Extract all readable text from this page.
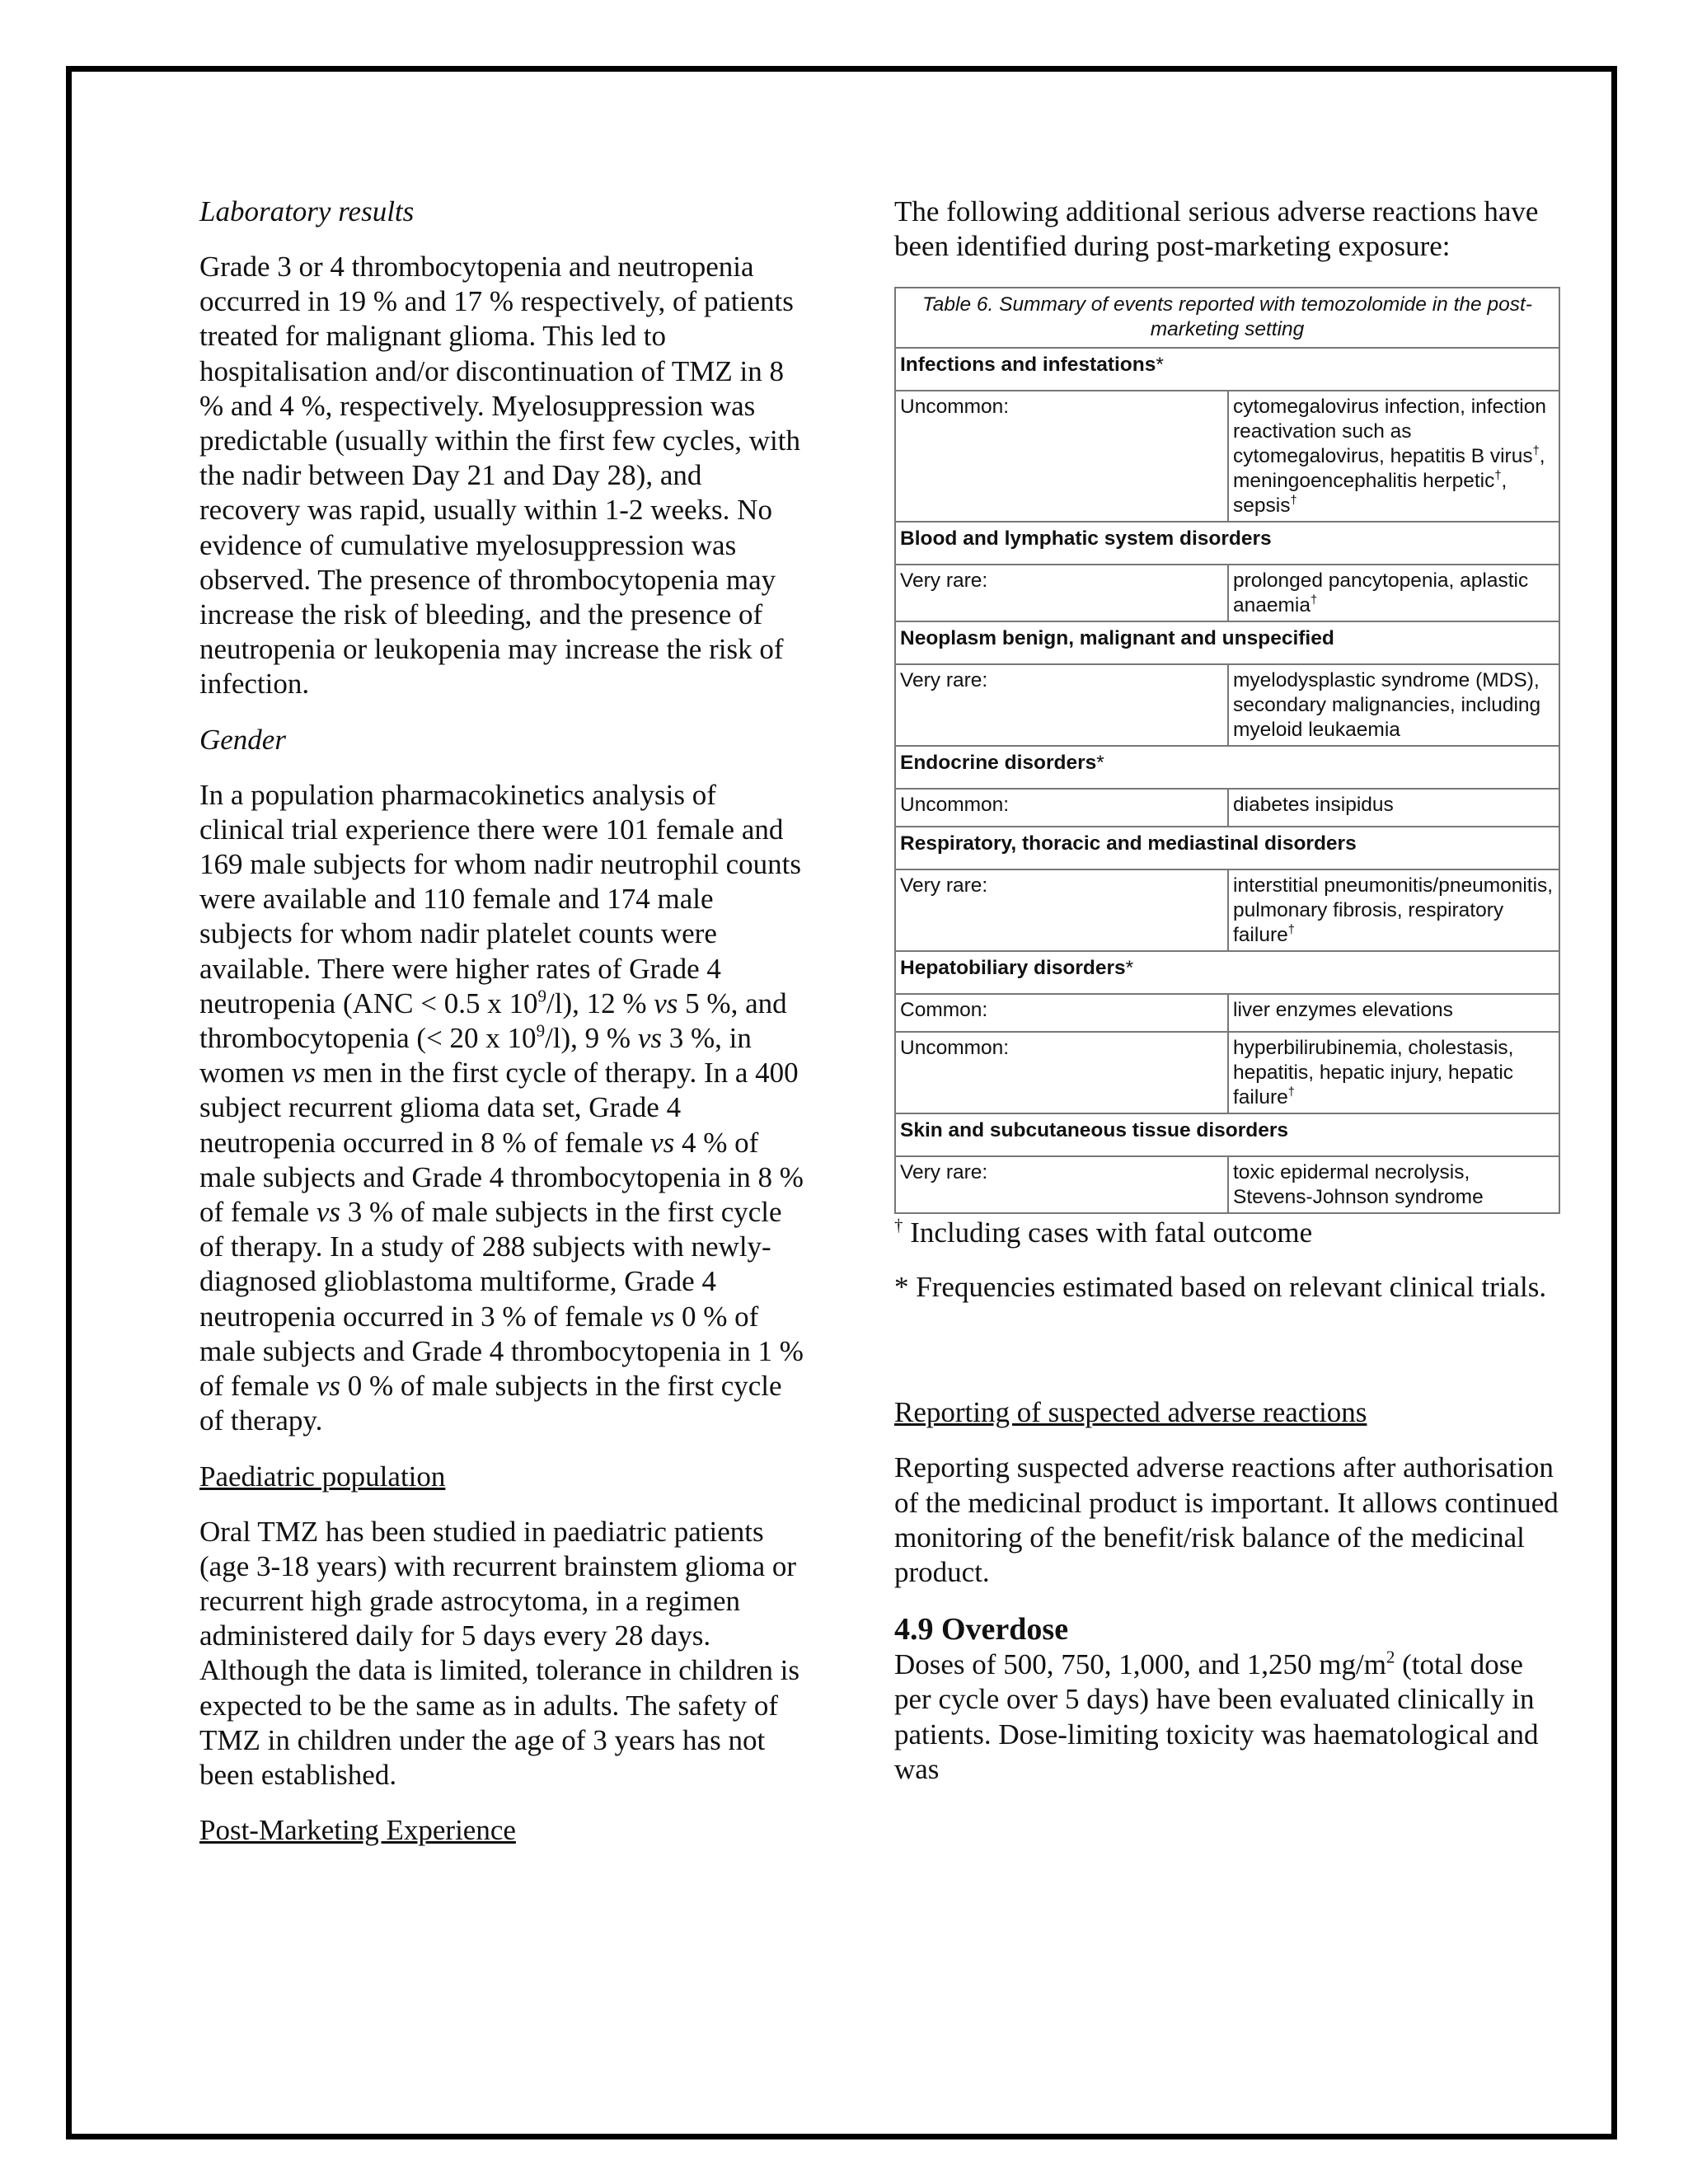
Laboratory results

Grade 3 or 4 thrombocytopenia and neutropenia occurred in 19 % and 17 % respectively, of patients treated for malignant glioma. This led to hospitalisation and/or discontinuation of TMZ in 8 % and 4 %, respectively. Myelosuppression was predictable (usually within the first few cycles, with the nadir between Day 21 and Day 28), and recovery was rapid, usually within 1-2 weeks. No evidence of cumulative myelosuppression was observed. The presence of thrombocytopenia may increase the risk of bleeding, and the presence of neutropenia or leukopenia may increase the risk of infection.

Gender

In a population pharmacokinetics analysis of clinical trial experience there were 101 female and 169 male subjects for whom nadir neutrophil counts were available and 110 female and 174 male subjects for whom nadir platelet counts were available. There were higher rates of Grade 4 neutropenia (ANC < 0.5 x $10^9/l$), 12 % vs 5 %, and thrombocytopenia (< 20 x $10^9/l$), 9 % vs 3 %, in women vs men in the first cycle of therapy. In a 400 subject recurrent glioma data set, Grade 4 neutropenia occurred in 8 % of female vs 4 % of male subjects and Grade 4 thrombocytopenia in 8 % of female vs 3 % of male subjects in the first cycle of therapy. In a study of 288 subjects with newly-diagnosed glioblastoma multiforme, Grade 4 neutropenia occurred in 3 % of female vs 0 % of male subjects and Grade 4 thrombocytopenia in 1 % of female vs 0 % of male subjects in the first cycle of therapy.

Paediatric population

Oral TMZ has been studied in paediatric patients (age 3-18 years) with recurrent brainstem glioma or recurrent high grade astrocytoma, in a regimen administered daily for 5 days every 28 days. Although the data is limited, tolerance in children is expected to be the same as in adults. The safety of TMZ in children under the age of 3 years has not been established.

Post-Marketing Experience

The following additional serious adverse reactions have been identified during post-marketing exposure:

Table 6. Summary of events reported with temozolomide in the post-marketing setting	
Infections and infestations*	
Uncommon:	cytomegalovirus infection, infection reactivation such as cytomegalovirus, hepatitis B virus†, meningoencephalitis herpetic†, sepsis†
Blood and lymphatic system disorders	
Very rare:	prolonged pancytopenia, aplastic anaemia†
Neoplasm benign, malignant and unspecified	
Very rare:	myelodysplastic syndrome (MDS), secondary malignancies, including myeloid leukaemia
Endocrine disorders*	
Uncommon:	diabetes insipidus
Respiratory, thoracic and mediastinal disorders	
Very rare:	interstitial pneumonitis/pneumonitis, pulmonary fibrosis, respiratory failure†
Hepatobiliary disorders*	
Common:	liver enzymes elevations
Uncommon:	hyperbilirubinemia, cholestasis, hepatitis, hepatic injury, hepatic failure†
Skin and subcutaneous tissue disorders	
Very rare:	toxic epidermal necrolysis, Stevens-Johnson syndrome

† Including cases with fatal outcome

* Frequencies estimated based on relevant clinical trials.

Reporting of suspected adverse reactions

Reporting suspected adverse reactions after authorisation of the medicinal product is important. It allows continued monitoring of the benefit/risk balance of the medicinal product.

4.9 Overdose

Doses of 500, 750, 1,000, and 1,250 $mg/m^2$ (total dose per cycle over 5 days) have been evaluated clinically in patients. Dose-limiting toxicity was haematological and was
